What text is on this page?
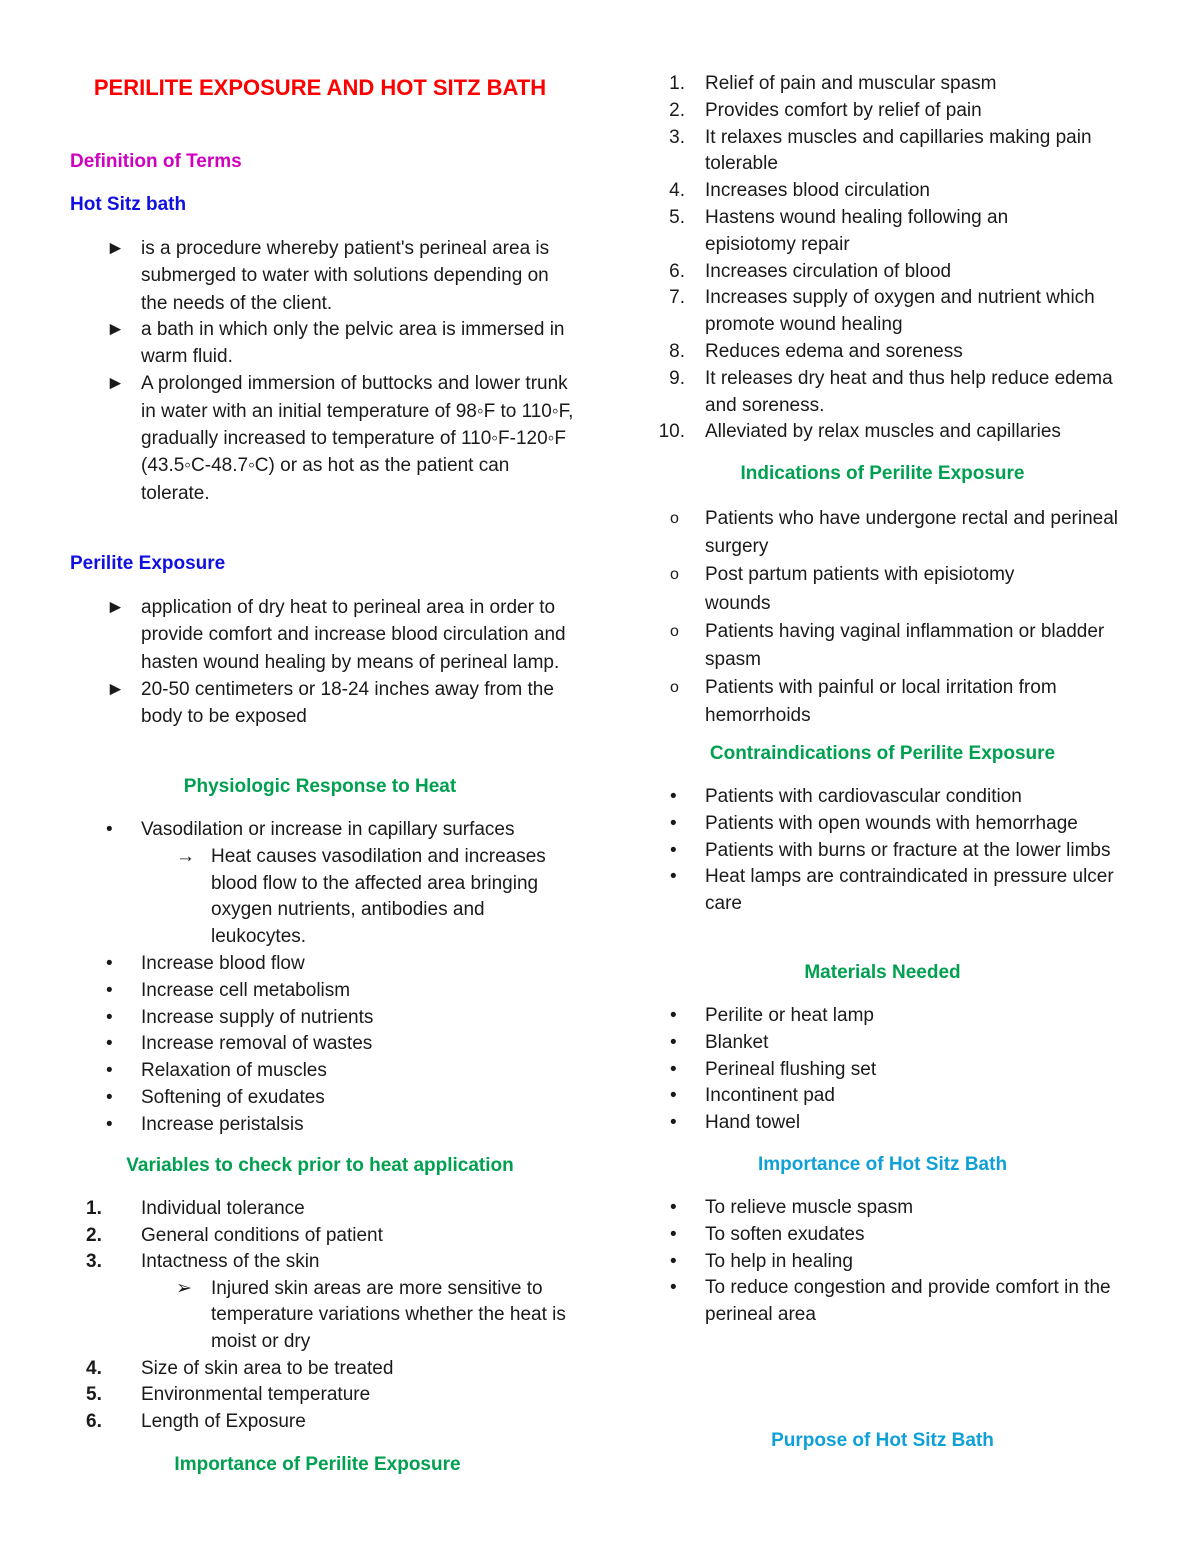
PERILITE EXPOSURE AND HOT SITZ BATH
Definition of Terms
Hot Sitz bath
► is a procedure whereby patient's perineal area is submerged to water with solutions depending on the needs of the client.
► a bath in which only the pelvic area is immersed in warm fluid.
► A prolonged immersion of buttocks and lower trunk in water with an initial temperature of 98◦F to 110◦F, gradually increased to temperature of 110◦F-120◦F (43.5◦C-48.7◦C) or as hot as the patient can tolerate.
Perilite Exposure
► application of dry heat to perineal area in order to provide comfort and increase blood circulation and hasten wound healing by means of perineal lamp.
► 20-50 centimeters or 18-24 inches away from the body to be exposed
Physiologic Response to Heat
•	Vasodilation or increase in capillary surfaces
→ Heat causes vasodilation and increases blood flow to the affected area bringing oxygen nutrients, antibodies and leukocytes.
•	Increase blood flow
•	Increase cell metabolism
•	Increase supply of nutrients
•	Increase removal of wastes
•	Relaxation of muscles
•	Softening of exudates
•	Increase peristalsis
Variables to check prior to heat application
1.	Individual tolerance
2.	General conditions of patient
3.	Intactness of the skin
➢	Injured skin areas are more sensitive to temperature variations whether the heat is moist or dry
4.	Size of skin area to be treated
5.	Environmental temperature
6.	Length of Exposure
Importance of Perilite Exposure
1. Relief of pain and muscular spasm
2. Provides comfort by relief of pain
3. It relaxes muscles and capillaries making pain tolerable
4. Increases blood circulation
5. Hastens wound healing following an episiotomy repair
6. Increases circulation of blood
7. Increases supply of oxygen and nutrient which promote wound healing
8. Reduces edema and soreness
9. It releases dry heat and thus help reduce edema and soreness.
10. Alleviated by relax muscles and capillaries
Indications of Perilite Exposure
o	Patients who have undergone rectal and perineal surgery
o	Post partum patients with episiotomy wounds
o	Patients having vaginal inflammation or bladder spasm
o	Patients with painful or local irritation from hemorrhoids
Contraindications of Perilite Exposure
•	Patients with cardiovascular condition
•	Patients with open wounds with hemorrhage
•	Patients with burns or fracture at the lower limbs
•	Heat lamps are contraindicated in pressure ulcer care
Materials Needed
•	Perilite or heat lamp
•	Blanket
•	Perineal flushing set
•	Incontinent pad
•	Hand towel
Importance of Hot Sitz Bath
•	To relieve muscle spasm
•	To soften exudates
•	To help in healing
•	To reduce congestion and provide comfort in the perineal area
Purpose of Hot Sitz Bath
